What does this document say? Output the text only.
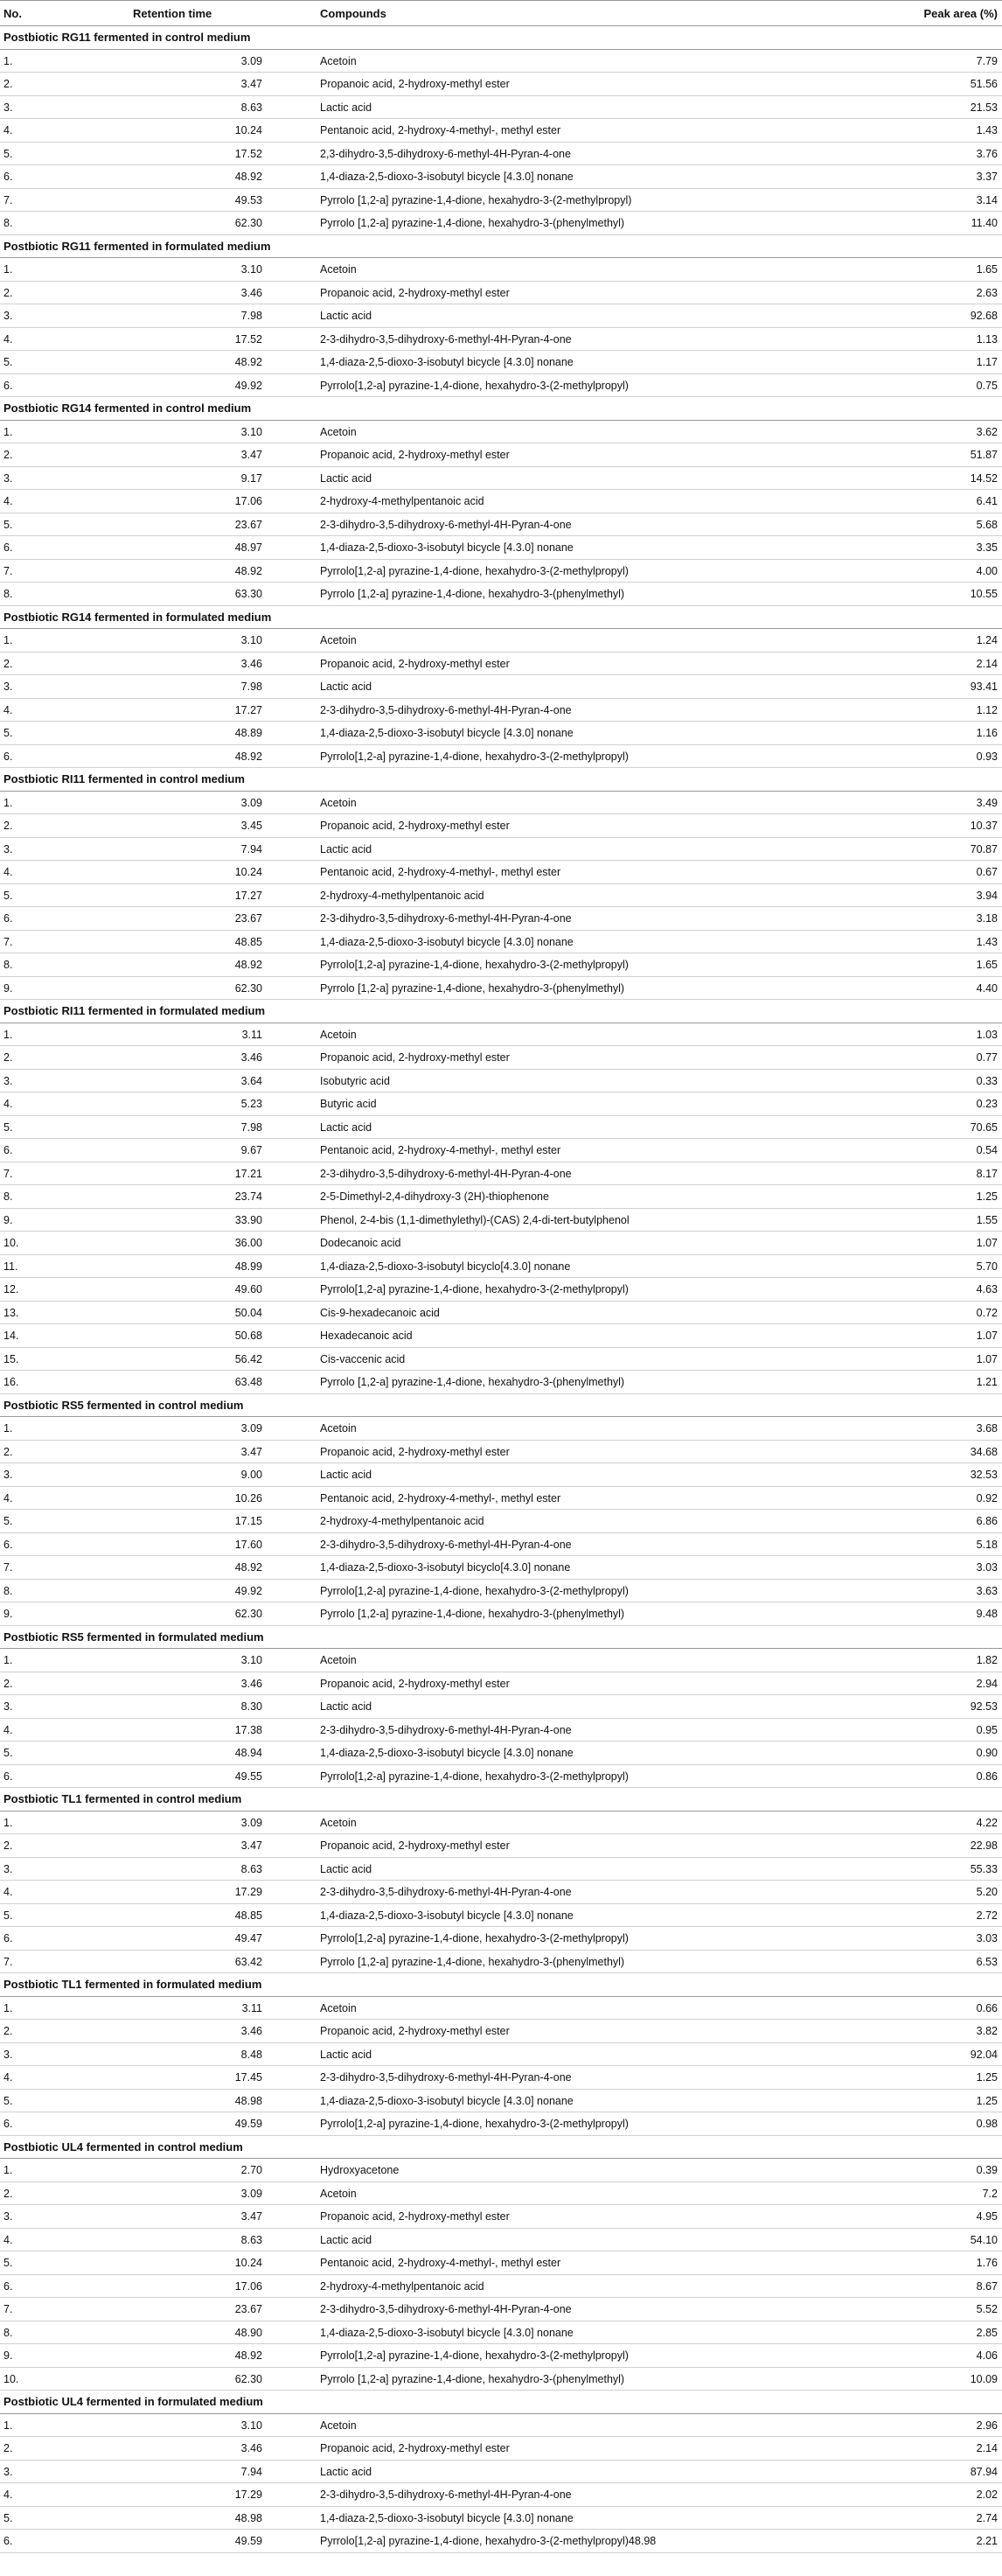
No.	Retention time	Compounds	Peak area (%)
Postbiotic RG11 fermented in control medium
1.	3.09	Acetoin	7.79
2.	3.47	Propanoic acid, 2-hydroxy-methyl ester	51.56
3.	8.63	Lactic acid	21.53
4.	10.24	Pentanoic acid, 2-hydroxy-4-methyl-, methyl ester	1.43
5.	17.52	2,3-dihydro-3,5-dihydroxy-6-methyl-4H-Pyran-4-one	3.76
6.	48.92	1,4-diaza-2,5-dioxo-3-isobutyl bicycle [4.3.0] nonane	3.37
7.	49.53	Pyrrolo [1,2-a] pyrazine-1,4-dione, hexahydro-3-(2-methylpropyl)	3.14
8.	62.30	Pyrrolo [1,2-a] pyrazine-1,4-dione, hexahydro-3-(phenylmethyl)	11.40
Postbiotic RG11 fermented in formulated medium
1.	3.10	Acetoin	1.65
2.	3.46	Propanoic acid, 2-hydroxy-methyl ester	2.63
3.	7.98	Lactic acid	92.68
4.	17.52	2-3-dihydro-3,5-dihydroxy-6-methyl-4H-Pyran-4-one	1.13
5.	48.92	1,4-diaza-2,5-dioxo-3-isobutyl bicycle [4.3.0] nonane	1.17
6.	49.92	Pyrrolo[1,2-a] pyrazine-1,4-dione, hexahydro-3-(2-methylpropyl)	0.75
Postbiotic RG14 fermented in control medium
1.	3.10	Acetoin	3.62
2.	3.47	Propanoic acid, 2-hydroxy-methyl ester	51.87
3.	9.17	Lactic acid	14.52
4.	17.06	2-hydroxy-4-methylpentanoic acid	6.41
5.	23.67	2-3-dihydro-3,5-dihydroxy-6-methyl-4H-Pyran-4-one	5.68
6.	48.97	1,4-diaza-2,5-dioxo-3-isobutyl bicycle [4.3.0] nonane	3.35
7.	48.92	Pyrrolo[1,2-a] pyrazine-1,4-dione, hexahydro-3-(2-methylpropyl)	4.00
8.	63.30	Pyrrolo [1,2-a] pyrazine-1,4-dione, hexahydro-3-(phenylmethyl)	10.55
Postbiotic RG14 fermented in formulated medium
1.	3.10	Acetoin	1.24
2.	3.46	Propanoic acid, 2-hydroxy-methyl ester	2.14
3.	7.98	Lactic acid	93.41
4.	17.27	2-3-dihydro-3,5-dihydroxy-6-methyl-4H-Pyran-4-one	1.12
5.	48.89	1,4-diaza-2,5-dioxo-3-isobutyl bicycle [4.3.0] nonane	1.16
6.	48.92	Pyrrolo[1,2-a] pyrazine-1,4-dione, hexahydro-3-(2-methylpropyl)	0.93
Postbiotic RI11 fermented in control medium
1.	3.09	Acetoin	3.49
2.	3.45	Propanoic acid, 2-hydroxy-methyl ester	10.37
3.	7.94	Lactic acid	70.87
4.	10.24	Pentanoic acid, 2-hydroxy-4-methyl-, methyl ester	0.67
5.	17.27	2-hydroxy-4-methylpentanoic acid	3.94
6.	23.67	2-3-dihydro-3,5-dihydroxy-6-methyl-4H-Pyran-4-one	3.18
7.	48.85	1,4-diaza-2,5-dioxo-3-isobutyl bicycle [4.3.0] nonane	1.43
8.	48.92	Pyrrolo[1,2-a] pyrazine-1,4-dione, hexahydro-3-(2-methylpropyl)	1.65
9.	62.30	Pyrrolo [1,2-a] pyrazine-1,4-dione, hexahydro-3-(phenylmethyl)	4.40
Postbiotic RI11 fermented in formulated medium
1.	3.11	Acetoin	1.03
2.	3.46	Propanoic acid, 2-hydroxy-methyl ester	0.77
3.	3.64	Isobutyric acid	0.33
4.	5.23	Butyric acid	0.23
5.	7.98	Lactic acid	70.65
6.	9.67	Pentanoic acid, 2-hydroxy-4-methyl-, methyl ester	0.54
7.	17.21	2-3-dihydro-3,5-dihydroxy-6-methyl-4H-Pyran-4-one	8.17
8.	23.74	2-5-Dimethyl-2,4-dihydroxy-3 (2H)-thiophenone	1.25
9.	33.90	Phenol, 2-4-bis (1,1-dimethylethyl)-(CAS) 2,4-di-tert-butylphenol	1.55
10.	36.00	Dodecanoic acid	1.07
11.	48.99	1,4-diaza-2,5-dioxo-3-isobutyl bicyclo[4.3.0] nonane	5.70
12.	49.60	Pyrrolo[1,2-a] pyrazine-1,4-dione, hexahydro-3-(2-methylpropyl)	4.63
13.	50.04	Cis-9-hexadecanoic acid	0.72
14.	50.68	Hexadecanoic acid	1.07
15.	56.42	Cis-vaccenic acid	1.07
16.	63.48	Pyrrolo [1,2-a] pyrazine-1,4-dione, hexahydro-3-(phenylmethyl)	1.21
Postbiotic RS5 fermented in control medium
1.	3.09	Acetoin	3.68
2.	3.47	Propanoic acid, 2-hydroxy-methyl ester	34.68
3.	9.00	Lactic acid	32.53
4.	10.26	Pentanoic acid, 2-hydroxy-4-methyl-, methyl ester	0.92
5.	17.15	2-hydroxy-4-methylpentanoic acid	6.86
6.	17.60	2-3-dihydro-3,5-dihydroxy-6-methyl-4H-Pyran-4-one	5.18
7.	48.92	1,4-diaza-2,5-dioxo-3-isobutyl bicyclo[4.3.0] nonane	3.03
8.	49.92	Pyrrolo[1,2-a] pyrazine-1,4-dione, hexahydro-3-(2-methylpropyl)	3.63
9.	62.30	Pyrrolo [1,2-a] pyrazine-1,4-dione, hexahydro-3-(phenylmethyl)	9.48
Postbiotic RS5 fermented in formulated medium
1.	3.10	Acetoin	1.82
2.	3.46	Propanoic acid, 2-hydroxy-methyl ester	2.94
3.	8.30	Lactic acid	92.53
4.	17.38	2-3-dihydro-3,5-dihydroxy-6-methyl-4H-Pyran-4-one	0.95
5.	48.94	1,4-diaza-2,5-dioxo-3-isobutyl bicycle [4.3.0] nonane	0.90
6.	49.55	Pyrrolo[1,2-a] pyrazine-1,4-dione, hexahydro-3-(2-methylpropyl)	0.86
Postbiotic TL1 fermented in control medium
1.	3.09	Acetoin	4.22
2.	3.47	Propanoic acid, 2-hydroxy-methyl ester	22.98
3.	8.63	Lactic acid	55.33
4.	17.29	2-3-dihydro-3,5-dihydroxy-6-methyl-4H-Pyran-4-one	5.20
5.	48.85	1,4-diaza-2,5-dioxo-3-isobutyl bicycle [4.3.0] nonane	2.72
6.	49.47	Pyrrolo[1,2-a] pyrazine-1,4-dione, hexahydro-3-(2-methylpropyl)	3.03
7.	63.42	Pyrrolo [1,2-a] pyrazine-1,4-dione, hexahydro-3-(phenylmethyl)	6.53
Postbiotic TL1 fermented in formulated medium
1.	3.11	Acetoin	0.66
2.	3.46	Propanoic acid, 2-hydroxy-methyl ester	3.82
3.	8.48	Lactic acid	92.04
4.	17.45	2-3-dihydro-3,5-dihydroxy-6-methyl-4H-Pyran-4-one	1.25
5.	48.98	1,4-diaza-2,5-dioxo-3-isobutyl bicycle [4.3.0] nonane	1.25
6.	49.59	Pyrrolo[1,2-a] pyrazine-1,4-dione, hexahydro-3-(2-methylpropyl)	0.98
Postbiotic UL4 fermented in control medium
1.	2.70	Hydroxyacetone	0.39
2.	3.09	Acetoin	7.2
3.	3.47	Propanoic acid, 2-hydroxy-methyl ester	4.95
4.	8.63	Lactic acid	54.10
5.	10.24	Pentanoic acid, 2-hydroxy-4-methyl-, methyl ester	1.76
6.	17.06	2-hydroxy-4-methylpentanoic acid	8.67
7.	23.67	2-3-dihydro-3,5-dihydroxy-6-methyl-4H-Pyran-4-one	5.52
8.	48.90	1,4-diaza-2,5-dioxo-3-isobutyl bicycle [4.3.0] nonane	2.85
9.	48.92	Pyrrolo[1,2-a] pyrazine-1,4-dione, hexahydro-3-(2-methylpropyl)	4.06
10.	62.30	Pyrrolo [1,2-a] pyrazine-1,4-dione, hexahydro-3-(phenylmethyl)	10.09
Postbiotic UL4 fermented in formulated medium
1.	3.10	Acetoin	2.96
2.	3.46	Propanoic acid, 2-hydroxy-methyl ester	2.14
3.	7.94	Lactic acid	87.94
4.	17.29	2-3-dihydro-3,5-dihydroxy-6-methyl-4H-Pyran-4-one	2.02
5.	48.98	1,4-diaza-2,5-dioxo-3-isobutyl bicycle [4.3.0] nonane	2.74
6.	49.59	Pyrrolo[1,2-a] pyrazine-1,4-dione, hexahydro-3-(2-methylpropyl)48.98	2.21
